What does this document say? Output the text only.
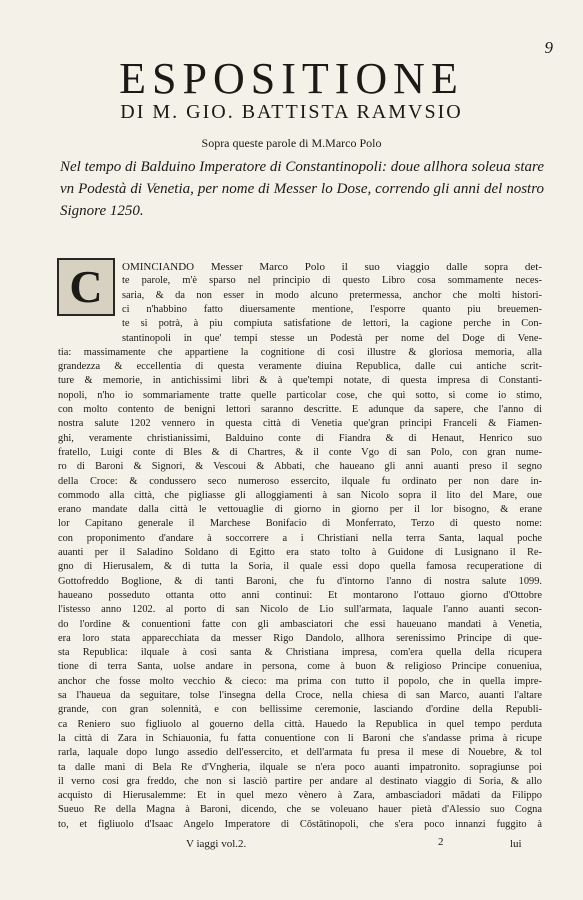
9
ESPOSITIONE
DI M. GIO. BATTISTA RAMVSIO
Sopra queste parole di M.Marco Polo
Nel tempo di Balduino Imperatore di Constantinopoli: doue allhora soleua stare vn Podestà di Venetia, per nome di Messer lo Dose, correndo gli anni del nostro Signore 1250.
C OMINCIANDO Messer Marco Polo il suo viaggio dalle sopra det-
te parole, m'è sparso nel principio di questo Libro cosa sommamente neces-
saria, & da non esser in modo alcuno pretermessa, anchor che molti histori-
ci n'habbino fatto diuersamente mentione, l'esporre quanto piu breuemen-
te si potrà, à piu compiuta satisfatione de lettori, la cagione perche in Con-
stantinopoli in que' tempi stesse un Podestà per nome del Doge di Vene-
tia: massimamente che appartiene la cognitione di così illustre & gloriosa memoria, alla
grandezza & eccellentia di questa veramente diuina Republica, dalle cui antiche scrit-
ture & memorie, in antichissimi libri & à que'tempi notate, di questa impresa di Constanti-
nopoli, n'ho io sommariamente tratte quelle particolar cose, che qui sotto, si come io stimo,
con molto contento de benigni lettori saranno descritte. E adunque da sapere, che l'anno di
nostra salute 1202 vennero in questa città di Venetia que'gran principi Franceli & Fiamen-
ghi, veramente christianissimi, Balduino conte di Fiandra & di Henaut, Henrico suo
fratello, Luigi conte di Bles & di Chartres, & il conte Vgo di san Polo, con gran nume-
ro di Baroni & Signori, & Vescoui & Abbati, che haueano gli anni auanti preso il segno
della Croce: & condussero seco numeroso essercito, ilquale fu ordinato per non dare in-
commodo alla città, che pigliasse gli alloggiamenti à san Nicolo sopra il lito del Mare, oue
erano mandate dalla città le vettouaglie di giorno in giorno per il lor bisogno, & erane
lor Capitano generale il Marchese Bonifacio di Monferrato, Terzo di questo nome:
con proponimento d'andare à soccorrere a i Christiani nella terra Santa, laqual poche
auanti per il Saladino Soldano di Egitto era stato tolto à Guidone di Lusignano il Re-
gno di Hierusalem, & di tutta la Soria, il quale essi dopo quella famosa recuperatione di
Gottofreddo Boglione, & di tanti Baroni, che fu d'intorno l'anno di nostra salute 1099.
haueano posseduto ottanta otto anni continui: Et montarono l'ottauo giorno d'Ottobre
l'istesso anno 1202. al porto di san Nicolo de Lio sull'armata, laquale l'anno auanti secon-
do l'ordine & conuentioni fatte con gli ambasciatori che essi haueuano mandati à Venetia,
era loro stata apparecchiata da messer Rigo Dandolo, allhora serenissimo Principe di que-
sta Republica: ilquale à così santa & Christiana impresa, com'era quella della ricupera
tione di terra Santa, uolse andare in persona, come à buon & religioso Principe conueniua,
anchor che fosse molto vecchio & cieco: ma prima con tutto il popolo, che in quella impre-
sa l'haueua da seguitare, tolse l'insegna della Croce, nella chiesa di san Marco, auanti l'altare
grande, con gran solennità, e con bellissime ceremonie, lasciando d'ordine della Republi-
ca Reniero suo figliuolo al gouerno della città. Hauedo la Republica in quel tempo perduta
la città di Zara in Schiauonia, fu fatta conuentione con li Baroni che s'andasse prima à ricupe
rarla, laquale dopo lungo assedio dell'essercito, et dell'armata fu presa il mese di Nouebre, & tol
ta dalle mani di Bela Re d'Vngheria, ilquale se n'era poco auanti impatronito. sopragiunse poi
il verno cosi gra freddo, che non si lasciò partire per andare al destinato viaggio di Soria, & allo
acquisto di Hierusalemme: Et in quel mezo vènero à Zara, ambasciadori mādati da Filippo
Sueuo Re della Magna à Baroni, dicendo, che se voleuano hauer pietà d'Alessio suo Cogna
to, et figliuolo d'Isaac Angelo Imperatore di Cōstātinopoli, che s'era poco innanzi fuggito à
V iaggi vol.2.	2	lui
